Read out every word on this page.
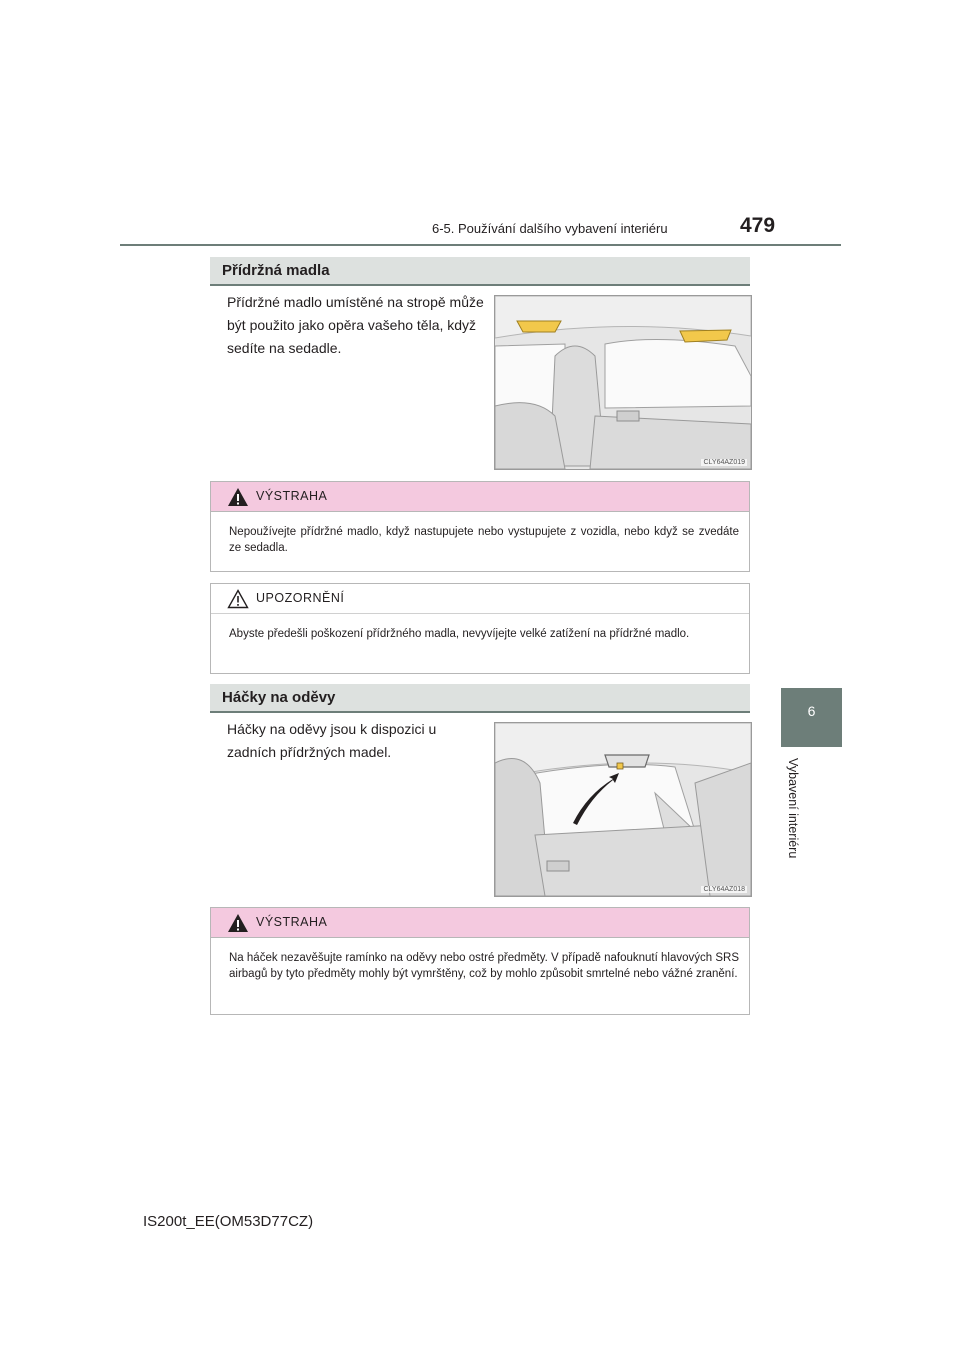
6-5. Používání dalšího vybavení interiéru	479
6
Vybavení interiéru
Přídržná madla
Přídržné madlo umístěné na stropě může být použito jako opěra vašeho těla, když sedíte na sedadle.
CLY64AZ019
VÝSTRAHA
Nepoužívejte přídržné madlo, když nastupujete nebo vystupujete z vozidla, nebo když se zvedáte ze sedadla.
UPOZORNĚNÍ
Abyste předešli poškození přídržného madla, nevyvíjejte velké zatížení na přídržné madlo.
Háčky na oděvy
Háčky na oděvy jsou k dispozici u zadních přídržných madel.
CLY64AZ018
VÝSTRAHA
Na háček nezavěšujte ramínko na oděvy nebo ostré předměty. V případě nafouknutí hlavových SRS airbagů by tyto předměty mohly být vymrštěny, což by mohlo způsobit smrtelné nebo vážné zranění.
IS200t_EE(OM53D77CZ)
